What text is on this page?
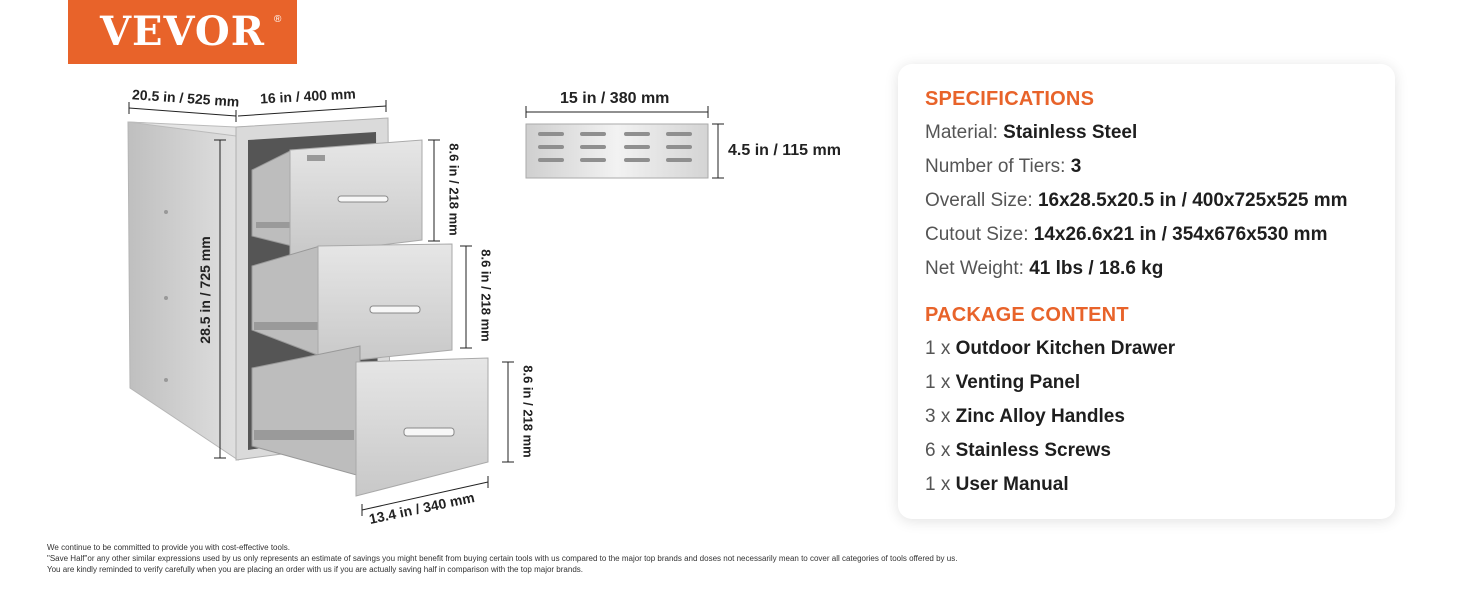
VEVOR ®
20.5 in / 525 mm 16 in / 400 mm
28.5 in / 725 mm
8.6 in / 218 mm
8.6 in / 218 mm
8.6 in / 218 mm
13.4 in / 340 mm
15 in / 380 mm
4.5 in / 115 mm
SPECIFICATIONS
Material: Stainless Steel
Number of Tiers: 3
Overall Size: 16x28.5x20.5 in / 400x725x525 mm
Cutout Size: 14x26.6x21 in / 354x676x530 mm
Net Weight: 41 lbs / 18.6 kg
PACKAGE CONTENT
1 x Outdoor Kitchen Drawer
1 x Venting Panel
3 x Zinc Alloy Handles
6 x Stainless Screws
1 x User Manual
We continue to be committed to provide you with cost-effective tools.
"Save Half"or any other similar expressions used by us only represents an estimate of savings you might benefit from buying certain tools with us compared to the major top brands and doses not necessarily mean to cover all categories of tools offered by us.
You are kindly reminded to verify carefully when you are placing an order with us if you are actually saving half in comparison with the top major brands.
